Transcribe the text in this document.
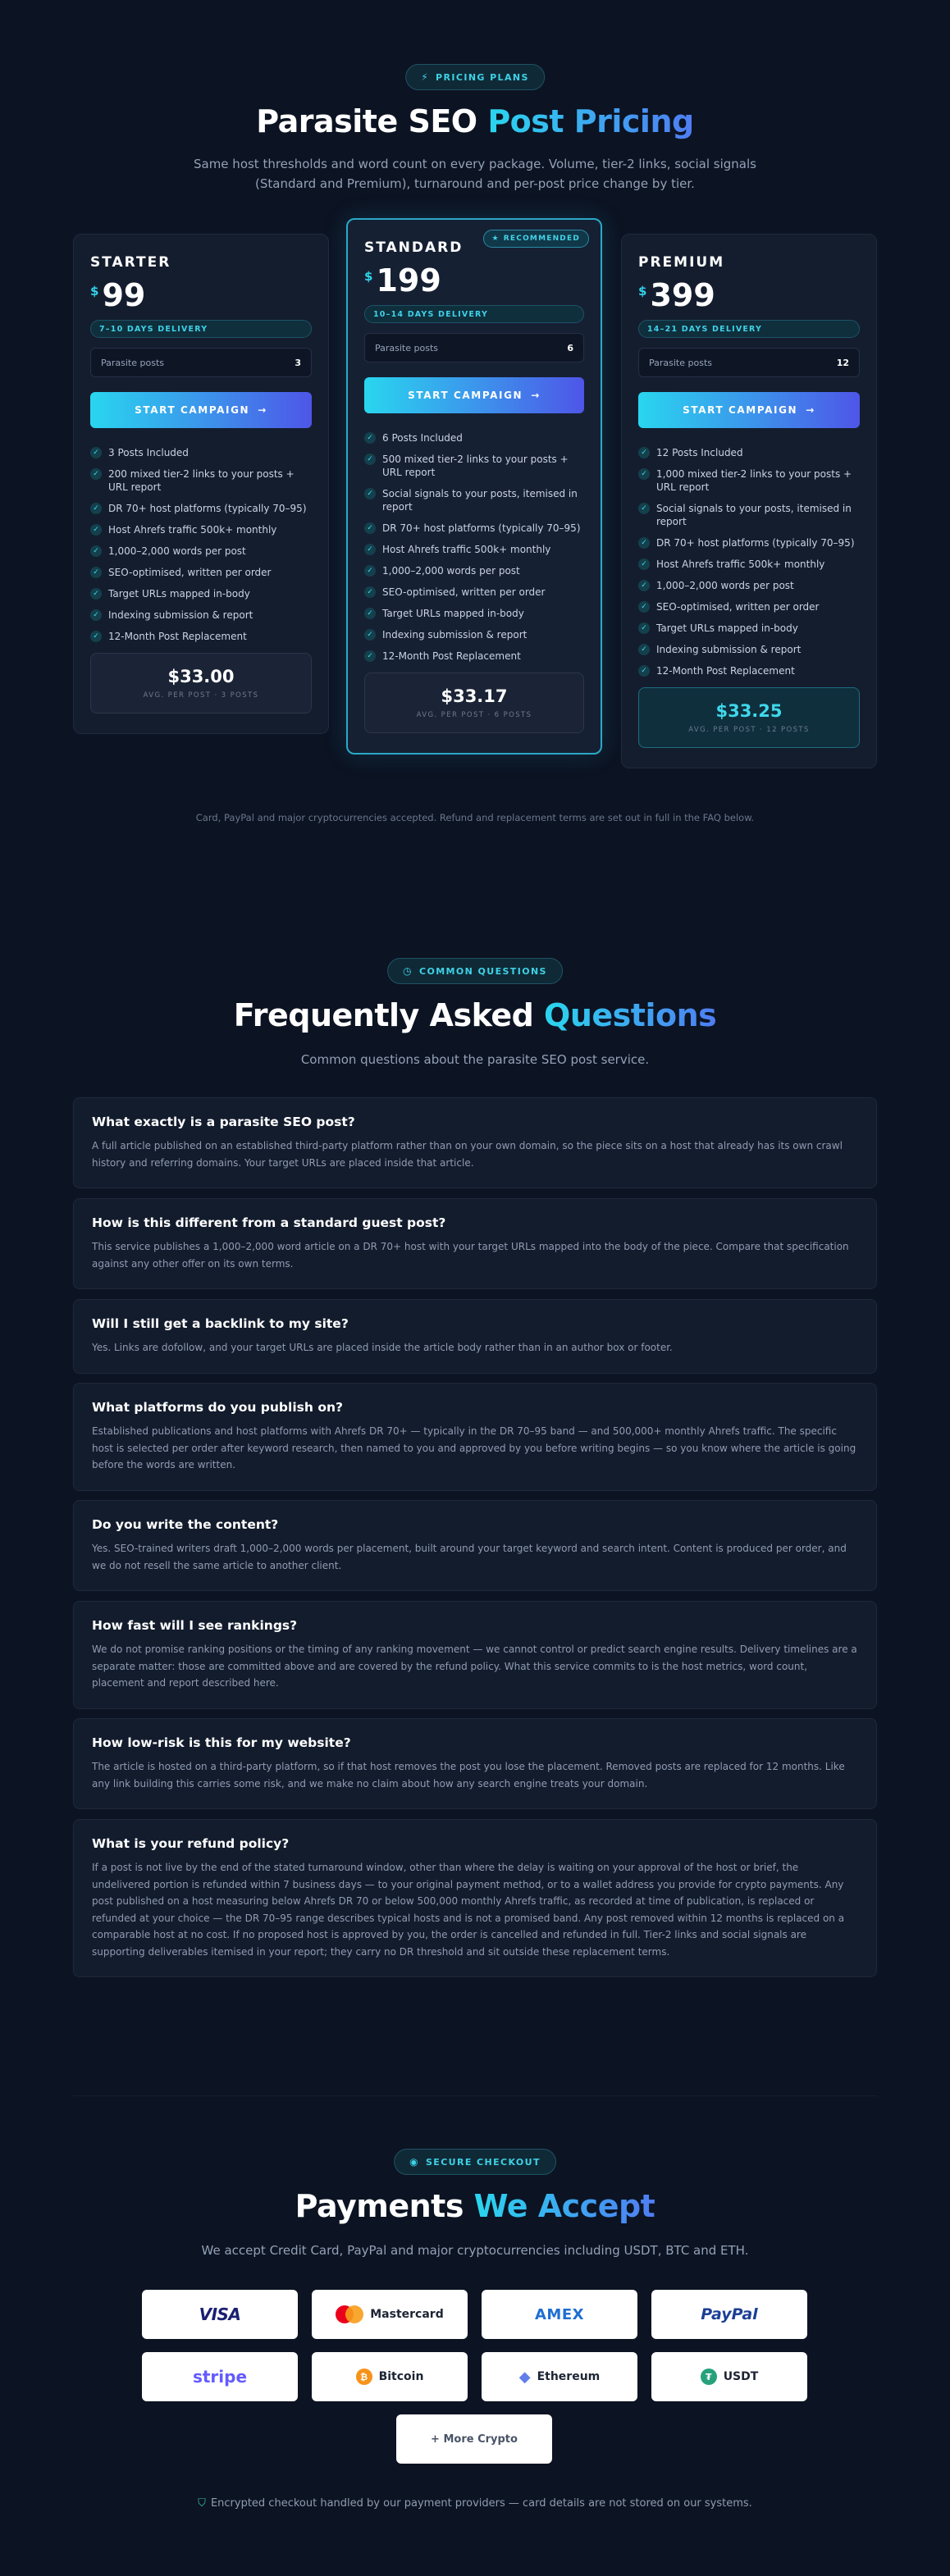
⚡ PRICING PLANS
Parasite SEO Post Pricing
Same host thresholds and word count on every package. Volume, tier-2 links, social signals (Standard and Premium), turnaround and per-post price change by tier.
STARTER
$ 99
7–10 DAYS DELIVERY
Parasite posts	3
START CAMPAIGN →
✓ 3 Posts Included
✓ 200 mixed tier-2 links to your posts + URL report
✓ DR 70+ host platforms (typically 70–95)
✓ Host Ahrefs traffic 500k+ monthly
✓ 1,000–2,000 words per post
✓ SEO-optimised, written per order
✓ Target URLs mapped in-body
✓ Indexing submission & report
✓ 12-Month Post Replacement
$33.00
AVG. PER POST · 3 POSTS
★ RECOMMENDED
STANDARD
$ 199
10–14 DAYS DELIVERY
Parasite posts	6
START CAMPAIGN →
✓ 6 Posts Included
✓ 500 mixed tier-2 links to your posts + URL report
✓ Social signals to your posts, itemised in report
✓ DR 70+ host platforms (typically 70–95)
✓ Host Ahrefs traffic 500k+ monthly
✓ 1,000–2,000 words per post
✓ SEO-optimised, written per order
✓ Target URLs mapped in-body
✓ Indexing submission & report
✓ 12-Month Post Replacement
$33.17
AVG. PER POST · 6 POSTS
PREMIUM
$ 399
14–21 DAYS DELIVERY
Parasite posts	12
START CAMPAIGN →
✓ 12 Posts Included
✓ 1,000 mixed tier-2 links to your posts + URL report
✓ Social signals to your posts, itemised in report
✓ DR 70+ host platforms (typically 70–95)
✓ Host Ahrefs traffic 500k+ monthly
✓ 1,000–2,000 words per post
✓ SEO-optimised, written per order
✓ Target URLs mapped in-body
✓ Indexing submission & report
✓ 12-Month Post Replacement
$33.25
AVG. PER POST · 12 POSTS
Card, PayPal and major cryptocurrencies accepted. Refund and replacement terms are set out in full in the FAQ below.
◷ COMMON QUESTIONS
Frequently Asked Questions
Common questions about the parasite SEO post service.
What exactly is a parasite SEO post?
A full article published on an established third-party platform rather than on your own domain, so the piece sits on a host that already has its own crawl history and referring domains. Your target URLs are placed inside that article.
How is this different from a standard guest post?
This service publishes a 1,000–2,000 word article on a DR 70+ host with your target URLs mapped into the body of the piece. Compare that specification against any other offer on its own terms.
Will I still get a backlink to my site?
Yes. Links are dofollow, and your target URLs are placed inside the article body rather than in an author box or footer.
What platforms do you publish on?
Established publications and host platforms with Ahrefs DR 70+ — typically in the DR 70–95 band — and 500,000+ monthly Ahrefs traffic. The specific host is selected per order after keyword research, then named to you and approved by you before writing begins — so you know where the article is going before the words are written.
Do you write the content?
Yes. SEO-trained writers draft 1,000–2,000 words per placement, built around your target keyword and search intent. Content is produced per order, and we do not resell the same article to another client.
How fast will I see rankings?
We do not promise ranking positions or the timing of any ranking movement — we cannot control or predict search engine results. Delivery timelines are a separate matter: those are committed above and are covered by the refund policy. What this service commits to is the host metrics, word count, placement and report described here.
How low-risk is this for my website?
The article is hosted on a third-party platform, so if that host removes the post you lose the placement. Removed posts are replaced for 12 months. Like any link building this carries some risk, and we make no claim about how any search engine treats your domain.
What is your refund policy?
If a post is not live by the end of the stated turnaround window, other than where the delay is waiting on your approval of the host or brief, the undelivered portion is refunded within 7 business days — to your original payment method, or to a wallet address you provide for crypto payments. Any post published on a host measuring below Ahrefs DR 70 or below 500,000 monthly Ahrefs traffic, as recorded at time of publication, is replaced or refunded at your choice — the DR 70–95 range describes typical hosts and is not a promised band. Any post removed within 12 months is replaced on a comparable host at no cost. If no proposed host is approved by you, the order is cancelled and refunded in full. Tier-2 links and social signals are supporting deliverables itemised in your report; they carry no DR threshold and sit outside these replacement terms.
◉ SECURE CHECKOUT
Payments We Accept
We accept Credit Card, PayPal and major cryptocurrencies including USDT, BTC and ETH.
VISA	Mastercard	AMEX	PayPal
stripe	₿ Bitcoin	◆ Ethereum	₮	USDT
+ More Crypto
⛉ Encrypted checkout handled by our payment providers — card details are not stored on our systems.
